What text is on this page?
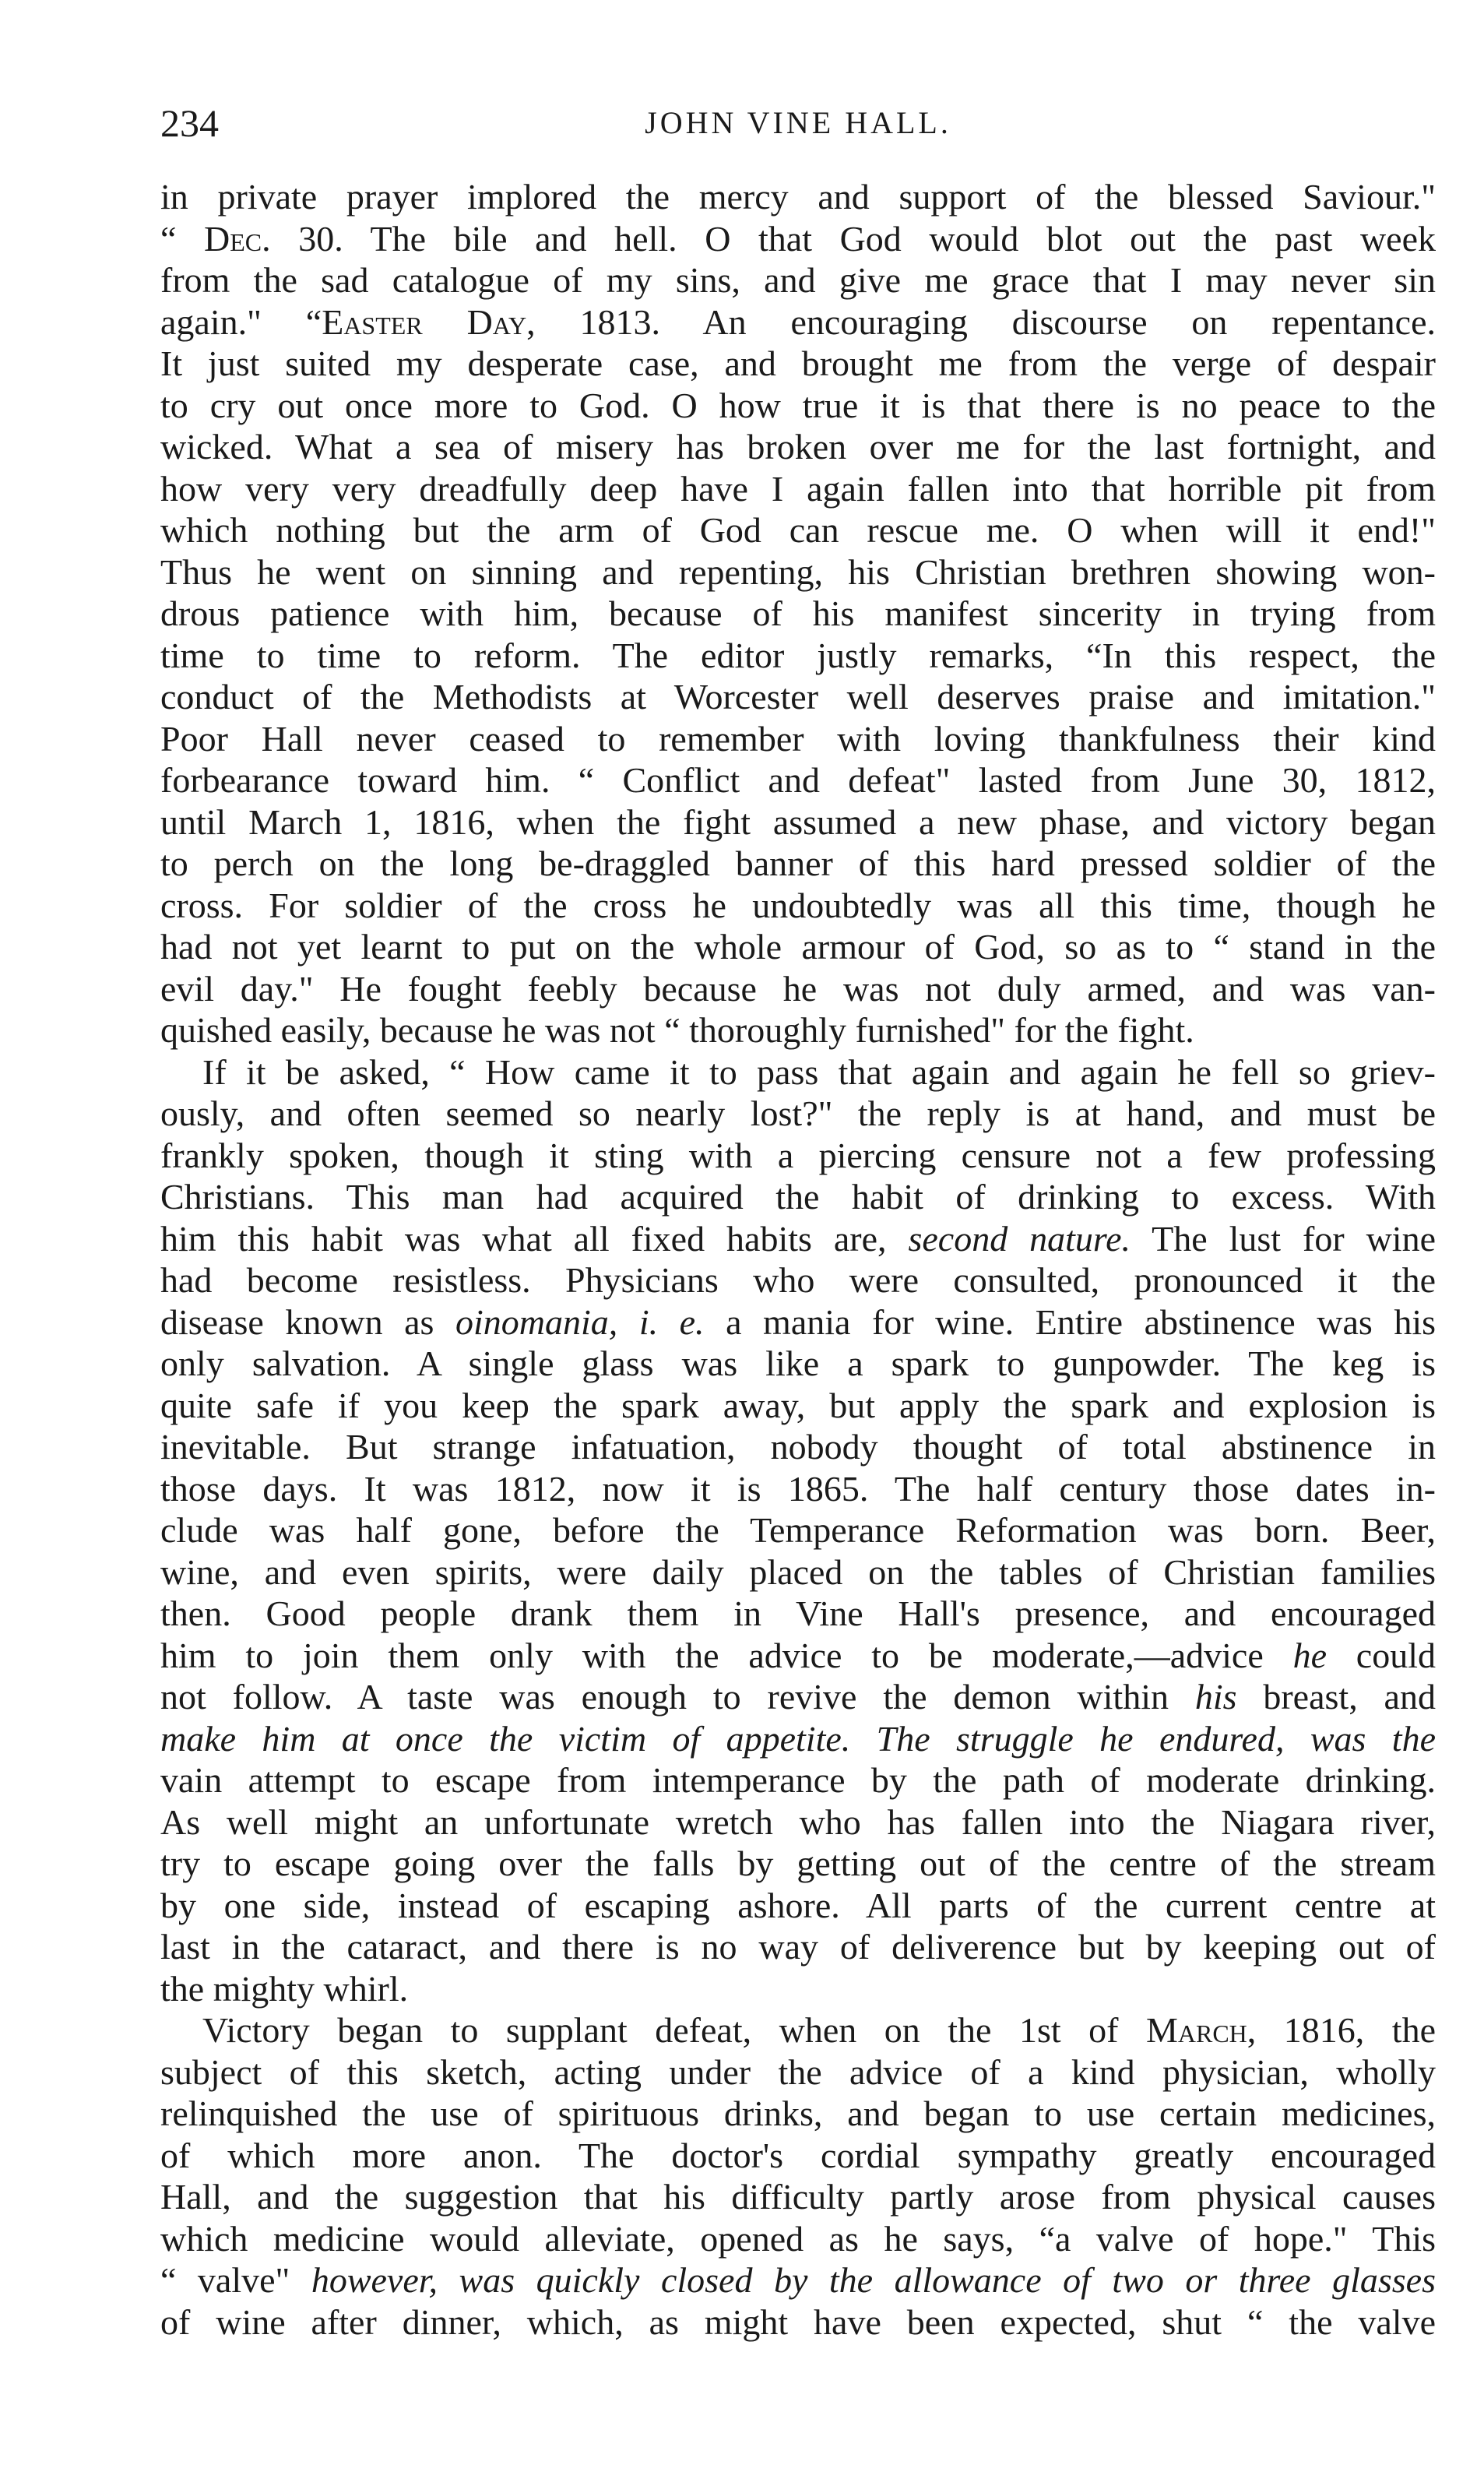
234	JOHN VINE HALL.
in private prayer implored the mercy and support of the blessed Saviour."
“ Dec. 30. The bile and hell. O that God would blot out the past week
from the sad catalogue of my sins, and give me grace that I may never sin
again." “Easter Day, 1813. An encouraging discourse on repentance.
It just suited my desperate case, and brought me from the verge of despair
to cry out once more to God. O how true it is that there is no peace to the
wicked. What a sea of misery has broken over me for the last fortnight, and
how very very dreadfully deep have I again fallen into that horrible pit from
which nothing but the arm of God can rescue me. O when will it end!"
Thus he went on sinning and repenting, his Christian brethren showing won-
drous patience with him, because of his manifest sincerity in trying from
time to time to reform. The editor justly remarks, “In this respect, the
conduct of the Methodists at Worcester well deserves praise and imitation."
Poor Hall never ceased to remember with loving thankfulness their kind
forbearance toward him. “ Conflict and defeat" lasted from June 30, 1812,
until March 1, 1816, when the fight assumed a new phase, and victory began
to perch on the long be-draggled banner of this hard pressed soldier of the
cross. For soldier of the cross he undoubtedly was all this time, though he
had not yet learnt to put on the whole armour of God, so as to “ stand in the
evil day." He fought feebly because he was not duly armed, and was van-
quished easily, because he was not “ thoroughly furnished" for the fight.
If it be asked, “ How came it to pass that again and again he fell so griev-
ously, and often seemed so nearly lost?" the reply is at hand, and must be
frankly spoken, though it sting with a piercing censure not a few professing
Christians. This man had acquired the habit of drinking to excess. With
him this habit was what all fixed habits are, second nature. The lust for wine
had become resistless. Physicians who were consulted, pronounced it the
disease known as oinomania, i. e. a mania for wine. Entire abstinence was his
only salvation. A single glass was like a spark to gunpowder. The keg is
quite safe if you keep the spark away, but apply the spark and explosion is
inevitable. But strange infatuation, nobody thought of total abstinence in
those days. It was 1812, now it is 1865. The half century those dates in-
clude was half gone, before the Temperance Reformation was born. Beer,
wine, and even spirits, were daily placed on the tables of Christian families
then. Good people drank them in Vine Hall's presence, and encouraged
him to join them only with the advice to be moderate,—advice he could
not follow. A taste was enough to revive the demon within his breast, and
make him at once the victim of appetite. The struggle he endured, was the
vain attempt to escape from intemperance by the path of moderate drinking.
As well might an unfortunate wretch who has fallen into the Niagara river,
try to escape going over the falls by getting out of the centre of the stream
by one side, instead of escaping ashore. All parts of the current centre at
last in the cataract, and there is no way of deliverence but by keeping out of
the mighty whirl.
Victory began to supplant defeat, when on the 1st of March, 1816, the
subject of this sketch, acting under the advice of a kind physician, wholly
relinquished the use of spirituous drinks, and began to use certain medicines,
of which more anon. The doctor's cordial sympathy greatly encouraged
Hall, and the suggestion that his difficulty partly arose from physical causes
which medicine would alleviate, opened as he says, “a valve of hope." This
“ valve" however, was quickly closed by the allowance of two or three glasses
of wine after dinner, which, as might have been expected, shut “ the valve
